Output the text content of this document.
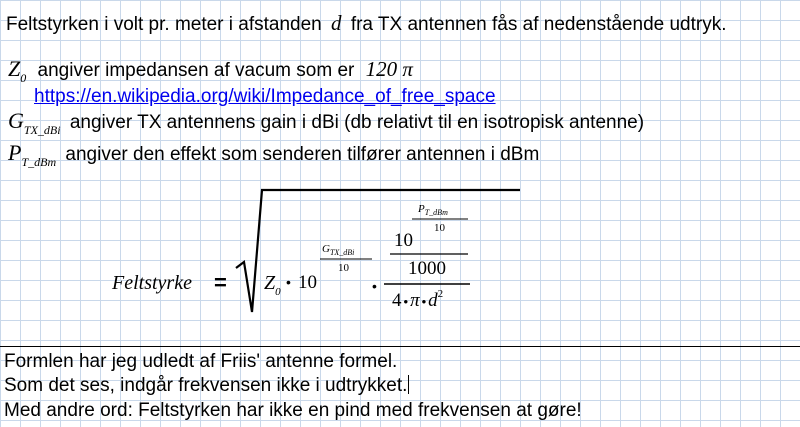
Feltstyrken i volt pr. meter i afstanden d fra TX antennen fås af nedenstående udtryk.
$Z_0$ angiver impedansen af vacum som er 120 π
https://en.wikipedia.org/wiki/Impedance_of_free_space
$G_{TX\_dBi}$ angiver TX antennens gain i dBi (db relativt til en isotropisk antenne)
$P_{T\_dBm}$ angiver den effekt som senderen tilfører antennen i dBm
Feltstyrke = $Z_0$
• 10
$G_{TX\_dBi}$
10
•
10
$P_{T\_dBm}$
10
1000
4 • π • $d^2$
Formlen har jeg udledt af Friis' antenne formel.
Som det ses, indgår frekvensen ikke i udtrykket.
Med andre ord: Feltstyrken har ikke en pind med frekvensen at gøre!
